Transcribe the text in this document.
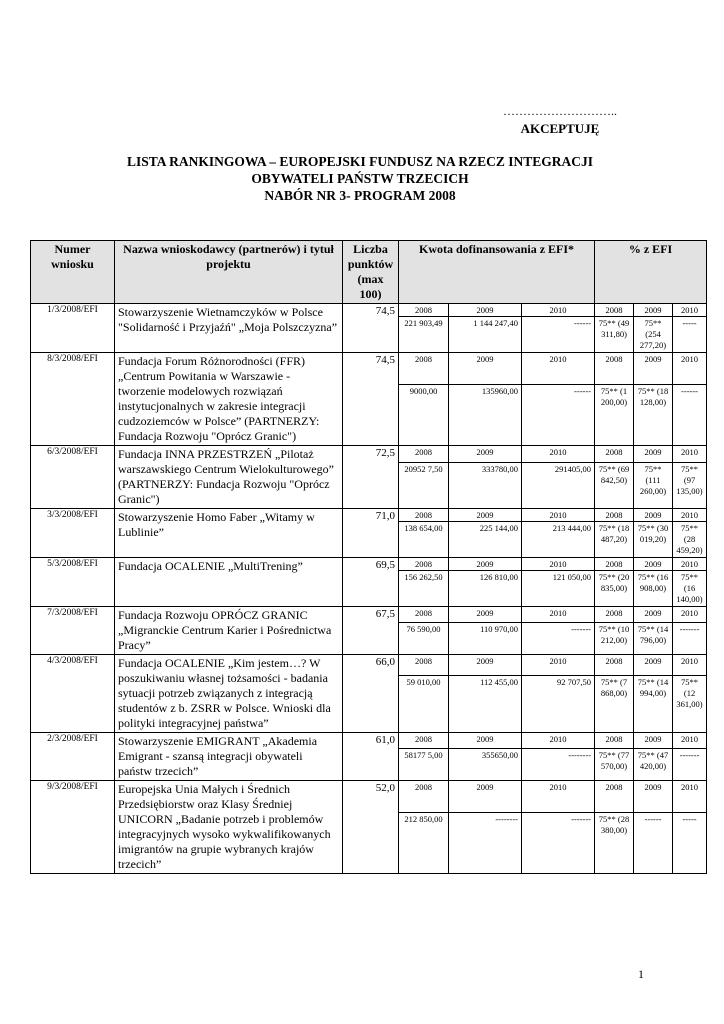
………………………..
AKCEPTUJĘ
LISTA RANKINGOWA – EUROPEJSKI FUNDUSZ NA RZECZ INTEGRACJI
OBYWATELI PAŃSTW TRZECICH
NABÓR NR 3- PROGRAM 2008
Numer wniosku	Nazwa wnioskodawcy (partnerów) i tytuł projektu	Liczba punktów (max 100)	Kwota dofinansowania z EFI*			% z EFI		
1/3/2008/EFI	Stowarzyszenie Wietnamczyków w Polsce "Solidarność i Przyjaźń" „Moja Polszczyzna”	74,5	2008	2009	2010	2008	2009	2010
			221 903,49	1 144 247,40	------	75** (49 311,80)	75** (254 277,20)	-----
8/3/2008/EFI	Fundacja Forum Różnorodności (FFR) „Centrum Powitania w Warszawie - tworzenie modelowych rozwiązań instytucjonalnych w zakresie integracji cudzoziemców w Polsce” (PARTNERZY: Fundacja Rozwoju "Oprócz Granic")	74,5	2008	2009	2010	2008	2009	2010
			9000,00	135960,00	------	75** (1 200,00)	75** (18 128,00)	------
6/3/2008/EFI	Fundacja INNA PRZESTRZEŃ „Pilotaż warszawskiego Centrum Wielokulturowego” (PARTNERZY: Fundacja Rozwoju "Oprócz Granic")	72,5	2008	2009	2010	2008	2009	2010
			20952 7,50	333780,00	291405,00	75** (69 842,50)	75** (111 260,00)	75** (97 135,00)
3/3/2008/EFI	Stowarzyszenie Homo Faber „Witamy w Lublinie”	71,0	2008	2009	2010	2008	2009	2010
			138 654,00	225 144,00	213 444,00	75** (18 487,20)	75** (30 019,20)	75** (28 459,20)
5/3/2008/EFI	Fundacja OCALENIE „MultiTrening”	69,5	2008	2009	2010	2008	2009	2010
			156 262,50	126 810,00	121 050,00	75** (20 835,00)	75** (16 908,00)	75** (16 140,00)
7/3/2008/EFI	Fundacja Rozwoju OPRÓCZ GRANIC „Migranckie Centrum Karier i Pośrednictwa Pracy”	67,5	2008	2009	2010	2008	2009	2010
			76 590,00	110 970,00	-------	75** (10 212,00)	75** (14 796,00)	-------
4/3/2008/EFI	Fundacja OCALENIE „Kim jestem…? W poszukiwaniu własnej tożsamości - badania sytuacji potrzeb związanych z integracją studentów z b. ZSRR w Polsce. Wnioski dla polityki integracyjnej państwa”	66,0	2008	2009	2010	2008	2009	2010
			59 010,00	112 455,00	92 707,50	75** (7 868,00)	75** (14 994,00)	75** (12 361,00)
2/3/2008/EFI	Stowarzyszenie EMIGRANT „Akademia Emigrant - szansą integracji obywateli państw trzecich”	61,0	2008	2009	2010	2008	2009	2010
			58177 5,00	355650,00	--------	75** (77 570,00)	75** (47 420,00)	-------
9/3/2008/EFI	Europejska Unia Małych i Średnich Przedsiębiorstw oraz Klasy Średniej UNICORN „Badanie potrzeb i problemów integracyjnych wysoko wykwalifikowanych imigrantów na grupie wybranych krajów trzecich”	52,0	2008	2009	2010	2008	2009	2010
			212 850,00	--------	-------	75** (28 380,00)	------	-----
1
